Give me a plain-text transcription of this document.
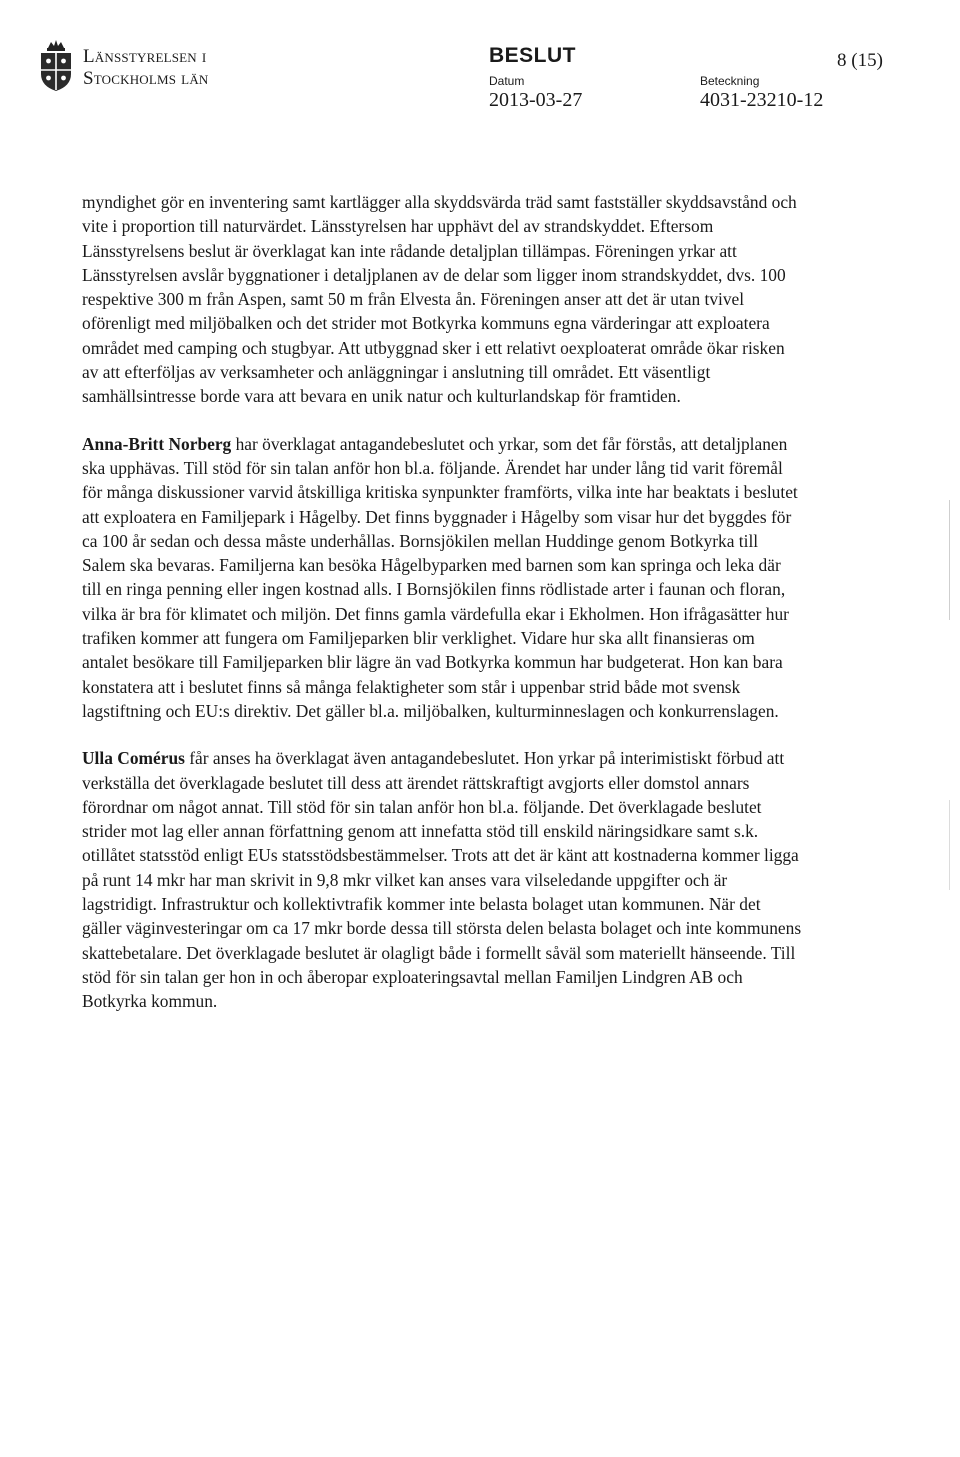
Länsstyrelsen i
Stockholms län
BESLUT
Datum
2013-03-27
Beteckning
4031-23210-12
8 (15)

myndighet gör en inventering samt kartlägger alla skyddsvärda träd samt fastställer skyddsavstånd och vite i proportion till naturvärdet. Länsstyrelsen har upphävt del av strandskyddet. Eftersom Länsstyrelsens beslut är överklagat kan inte rådande detaljplan tillämpas. Föreningen yrkar att Länsstyrelsen avslår byggnationer i detaljplanen av de delar som ligger inom strandskyddet, dvs. 100 respektive 300 m från Aspen, samt 50 m från Elvesta ån. Föreningen anser att det är utan tvivel oförenligt med miljöbalken och det strider mot Botkyrka kommuns egna värderingar att exploatera området med camping och stugbyar. Att utbyggnad sker i ett relativt oexploaterat område ökar risken av att efterföljas av verksamheter och anläggningar i anslutning till området. Ett väsentligt samhällsintresse borde vara att bevara en unik natur och kulturlandskap för framtiden.

Anna-Britt Norberg har överklagat antagandebeslutet och yrkar, som det får förstås, att detaljplanen ska upphävas. Till stöd för sin talan anför hon bl.a. följande. Ärendet har under lång tid varit föremål för många diskussioner varvid åtskilliga kritiska synpunkter framförts, vilka inte har beaktats i beslutet att exploatera en Familjepark i Hågelby. Det finns byggnader i Hågelby som visar hur det byggdes för ca 100 år sedan och dessa måste underhållas. Bornsjökilen mellan Huddinge genom Botkyrka till Salem ska bevaras. Familjerna kan besöka Hågelbyparken med barnen som kan springa och leka där till en ringa penning eller ingen kostnad alls. I Bornsjökilen finns rödlistade arter i faunan och floran, vilka är bra för klimatet och miljön. Det finns gamla värdefulla ekar i Ekholmen. Hon ifrågasätter hur trafiken kommer att fungera om Familjeparken blir verklighet. Vidare hur ska allt finansieras om antalet besökare till Familjeparken blir lägre än vad Botkyrka kommun har budgeterat. Hon kan bara konstatera att i beslutet finns så många felaktigheter som står i uppenbar strid både mot svensk lagstiftning och EU:s direktiv. Det gäller bl.a. miljöbalken, kulturminneslagen och konkurrenslagen.

Ulla Comérus får anses ha överklagat även antagandebeslutet. Hon yrkar på interimistiskt förbud att verkställa det överklagade beslutet till dess att ärendet rättskraftigt avgjorts eller domstol annars förordnar om något annat. Till stöd för sin talan anför hon bl.a. följande. Det överklagade beslutet strider mot lag eller annan författning genom att innefatta stöd till enskild näringsidkare samt s.k. otillåtet statsstöd enligt EUs statsstödsbestämmelser. Trots att det är känt att kostnaderna kommer ligga på runt 14 mkr har man skrivit in 9,8 mkr vilket kan anses vara vilseledande uppgifter och är lagstridigt. Infrastruktur och kollektivtrafik kommer inte belasta bolaget utan kommunen. När det gäller väginvesteringar om ca 17 mkr borde dessa till största delen belasta bolaget och inte kommunens skattebetalare. Det överklagade beslutet är olagligt både i formellt såväl som materiellt hänseende. Till stöd för sin talan ger hon in och åberopar exploateringsavtal mellan Familjen Lindgren AB och Botkyrka kommun.
